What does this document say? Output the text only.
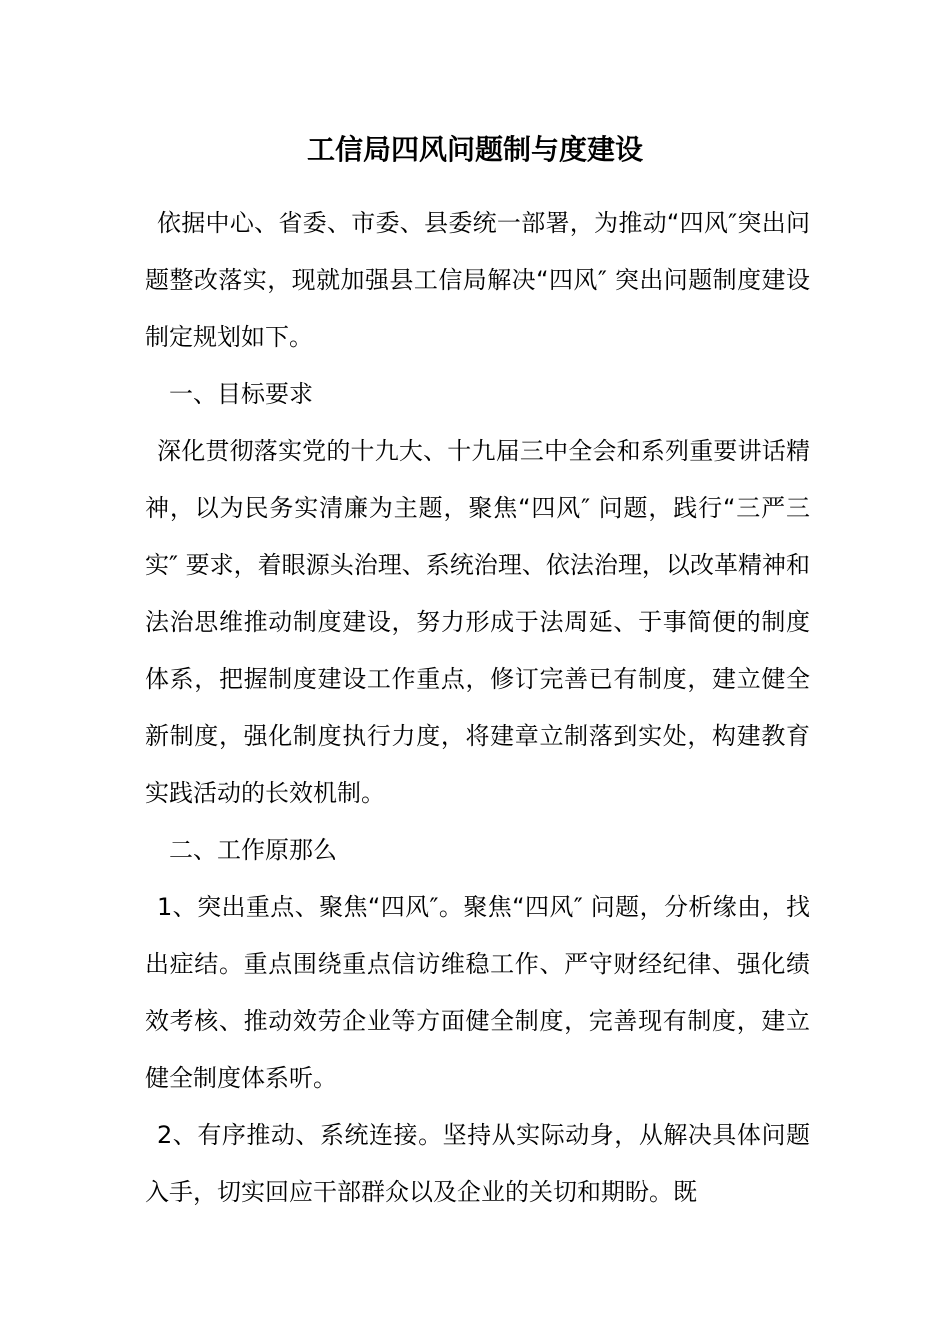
工信局四风问题制与度建设

依据中心、省委、市委、县委统一部署，为推动“四风″突出问题整改落实，现就加强县工信局解决“四风″ 突出问题制度建设制定规划如下。

一、目标要求

深化贯彻落实党的十九大、十九届三中全会和系列重要讲话精神，以为民务实清廉为主题，聚焦“四风″ 问题，践行“三严三实″ 要求，着眼源头治理、系统治理、依法治理，以改革精神和法治思维推动制度建设，努力形成于法周延、于事简便的制度体系，把握制度建设工作重点，修订完善已有制度，建立健全新制度，强化制度执行力度，将建章立制落到实处，构建教育实践活动的长效机制。

二、工作原那么

1、突出重点、聚焦“四风″。聚焦“四风″ 问题，分析缘由，找出症结。重点围绕重点信访维稳工作、严守财经纪律、强化绩效考核、推动效劳企业等方面健全制度，完善现有制度，建立健全制度体系听。

2、有序推动、系统连接。坚持从实际动身，从解决具体问题入手，切实回应干部群众以及企业的关切和期盼。既
